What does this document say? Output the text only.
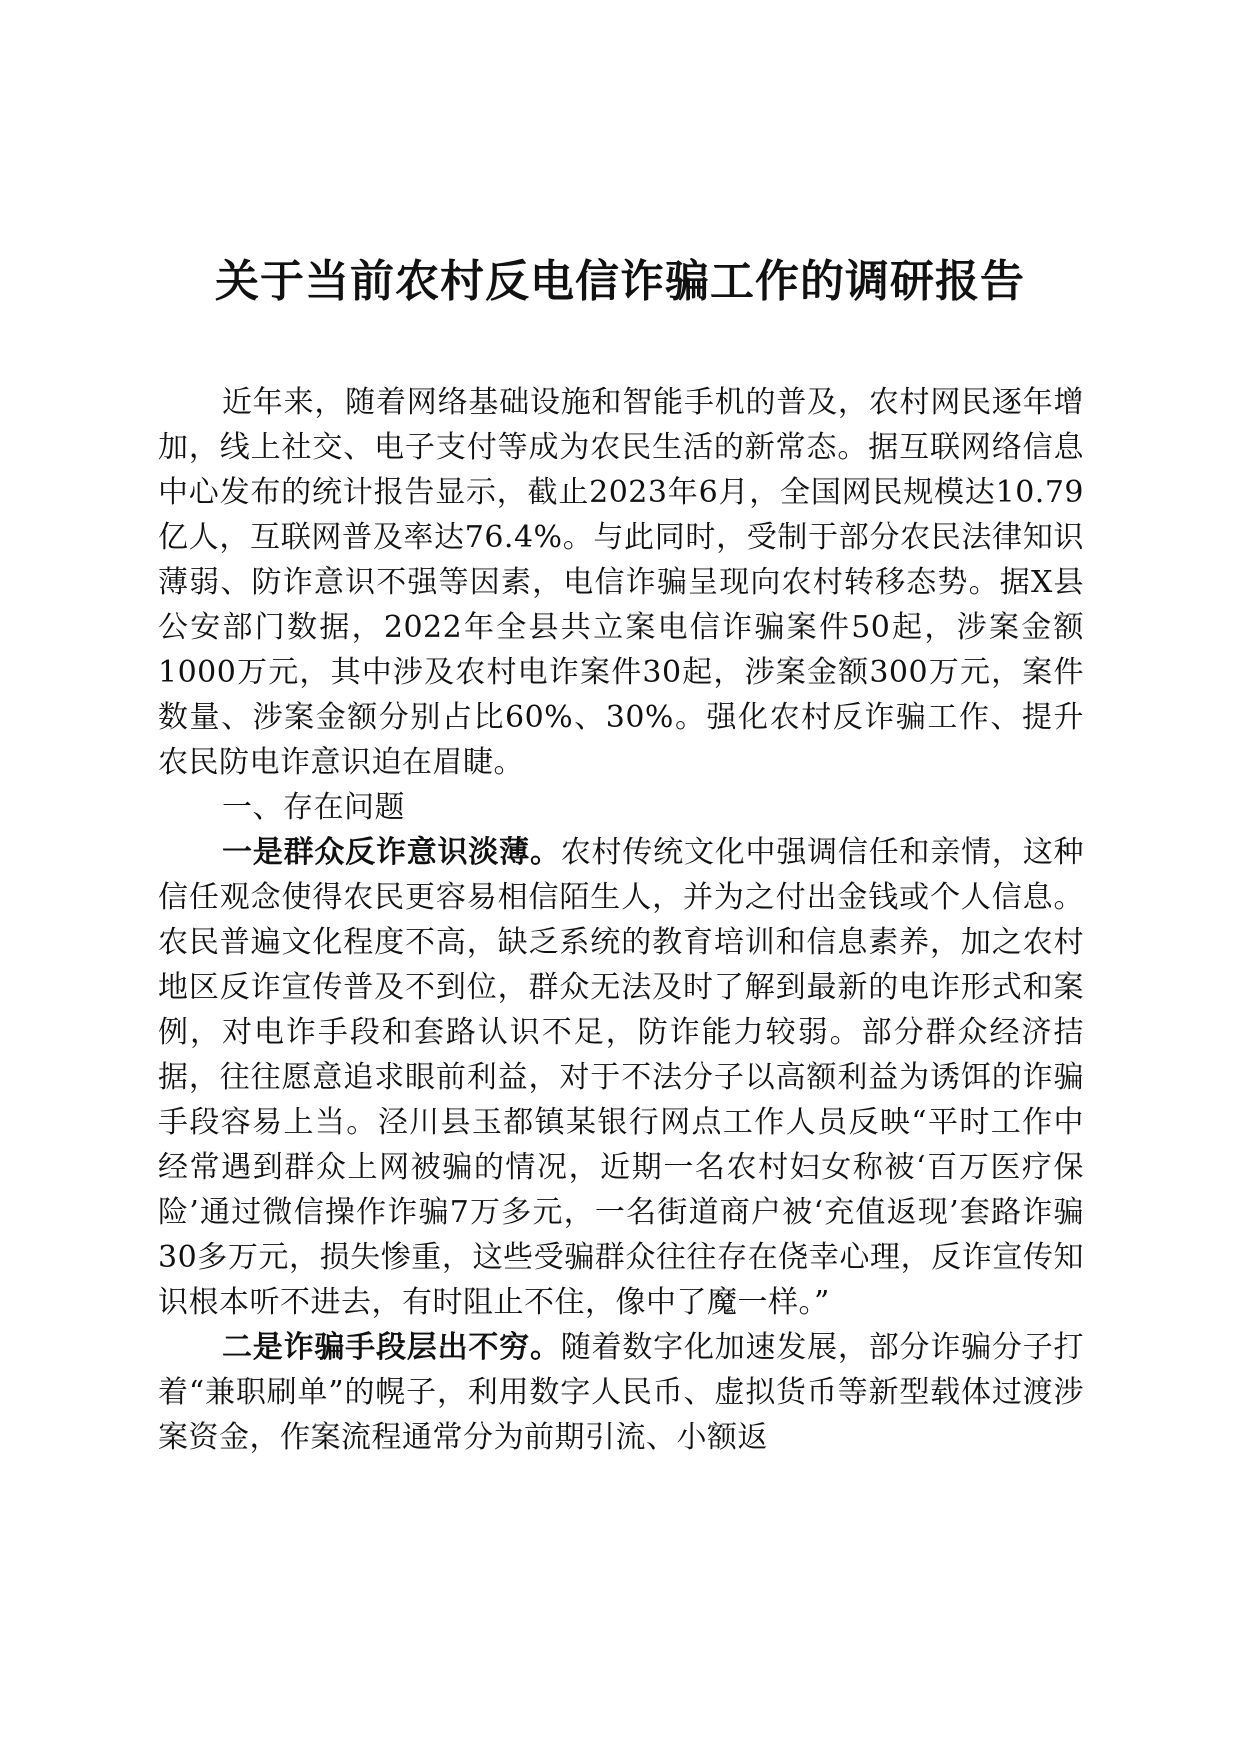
关于当前农村反电信诈骗工作的调研报告

近年来，随着网络基础设施和智能手机的普及，农村网民逐年增加，线上社交、电子支付等成为农民生活的新常态。据互联网络信息中心发布的统计报告显示，截止2023年6月，全国网民规模达10.79亿人，互联网普及率达76.4%。与此同时，受制于部分农民法律知识薄弱、防诈意识不强等因素，电信诈骗呈现向农村转移态势。据X县公安部门数据，2022年全县共立案电信诈骗案件50起，涉案金额1000万元，其中涉及农村电诈案件30起，涉案金额300万元，案件数量、涉案金额分别占比60%、30%。强化农村反诈骗工作、提升农民防电诈意识迫在眉睫。

一、存在问题

一是群众反诈意识淡薄。农村传统文化中强调信任和亲情，这种信任观念使得农民更容易相信陌生人，并为之付出金钱或个人信息。农民普遍文化程度不高，缺乏系统的教育培训和信息素养，加之农村地区反诈宣传普及不到位，群众无法及时了解到最新的电诈形式和案例，对电诈手段和套路认识不足，防诈能力较弱。部分群众经济拮据，往往愿意追求眼前利益，对于不法分子以高额利益为诱饵的诈骗手段容易上当。泾川县玉都镇某银行网点工作人员反映“平时工作中经常遇到群众上网被骗的情况，近期一名农村妇女称被‘百万医疗保险’通过微信操作诈骗7万多元，一名街道商户被‘充值返现’套路诈骗30多万元，损失惨重，这些受骗群众往往存在侥幸心理，反诈宣传知识根本听不进去，有时阻止不住，像中了魔一样。”

二是诈骗手段层出不穷。随着数字化加速发展，部分诈骗分子打着“兼职刷单”的幌子，利用数字人民币、虚拟货币等新型载体过渡涉案资金，作案流程通常分为前期引流、小额返
